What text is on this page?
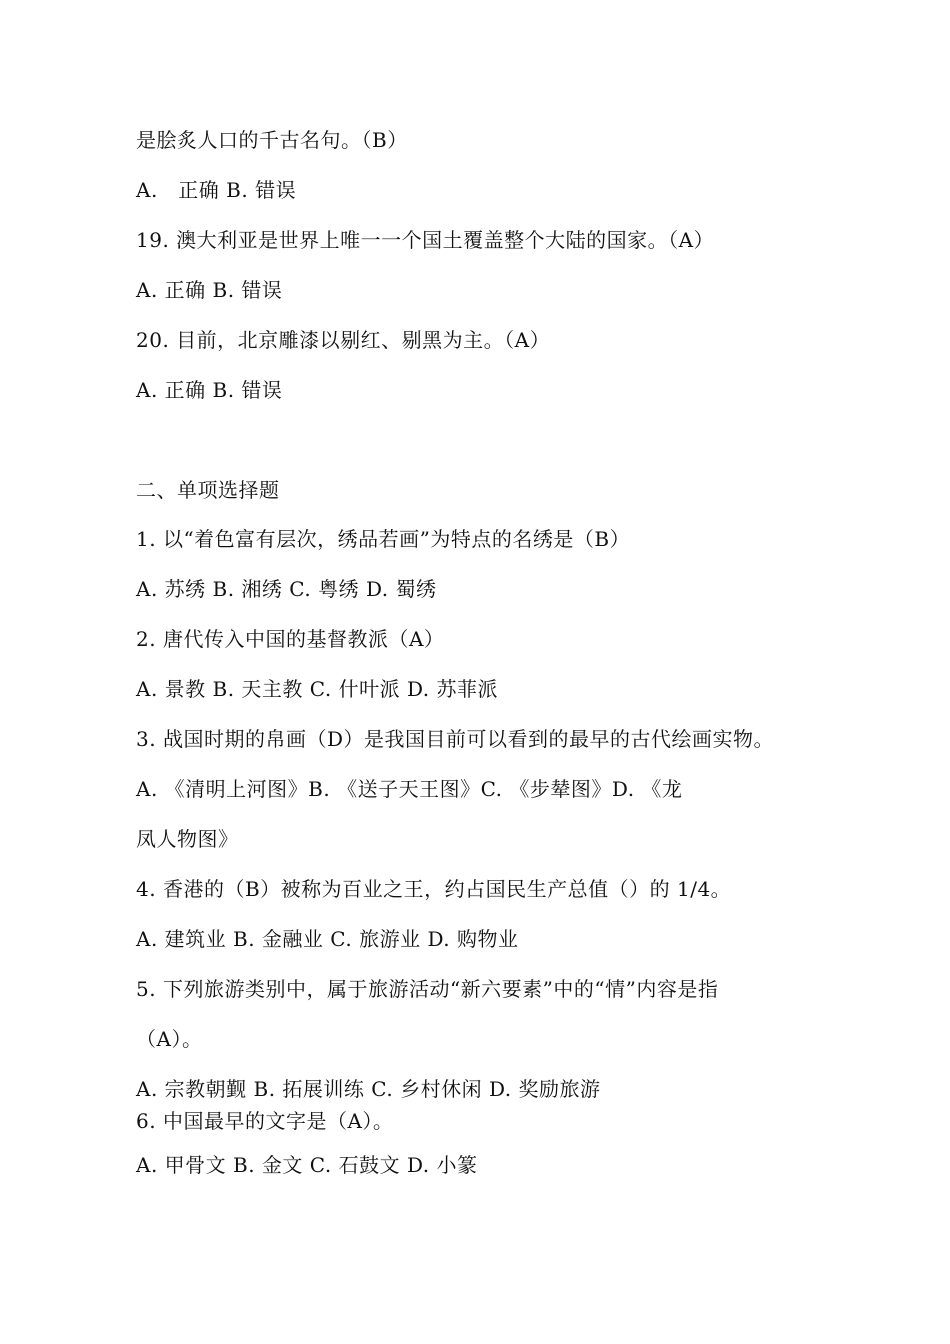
是脍炙人口的千古名句。（B）
A.　正确 B. 错误
19. 澳大利亚是世界上唯一一个国土覆盖整个大陆的国家。（A）
A. 正确 B. 错误
20. 目前，北京雕漆以剔红、剔黑为主。（A）
A. 正确 B. 错误
二、单项选择题
1. 以“着色富有层次，绣品若画”为特点的名绣是（B）
A. 苏绣 B. 湘绣 C. 粤绣 D. 蜀绣
2. 唐代传入中国的基督教派（A）
A. 景教 B. 天主教 C. 什叶派 D. 苏菲派
3. 战国时期的帛画（D）是我国目前可以看到的最早的古代绘画实物。
A. 《清明上河图》B. 《送子天王图》C. 《步辇图》D. 《龙
凤人物图》
4. 香港的（B）被称为百业之王，约占国民生产总值（）的 1/4。
A. 建筑业 B. 金融业 C. 旅游业 D. 购物业
5. 下列旅游类别中，属于旅游活动“新六要素”中的“情”内容是指
（A）。
A. 宗教朝觐 B. 拓展训练 C. 乡村休闲 D. 奖励旅游
6. 中国最早的文字是（A）。
A. 甲骨文 B. 金文 C. 石鼓文 D. 小篆
